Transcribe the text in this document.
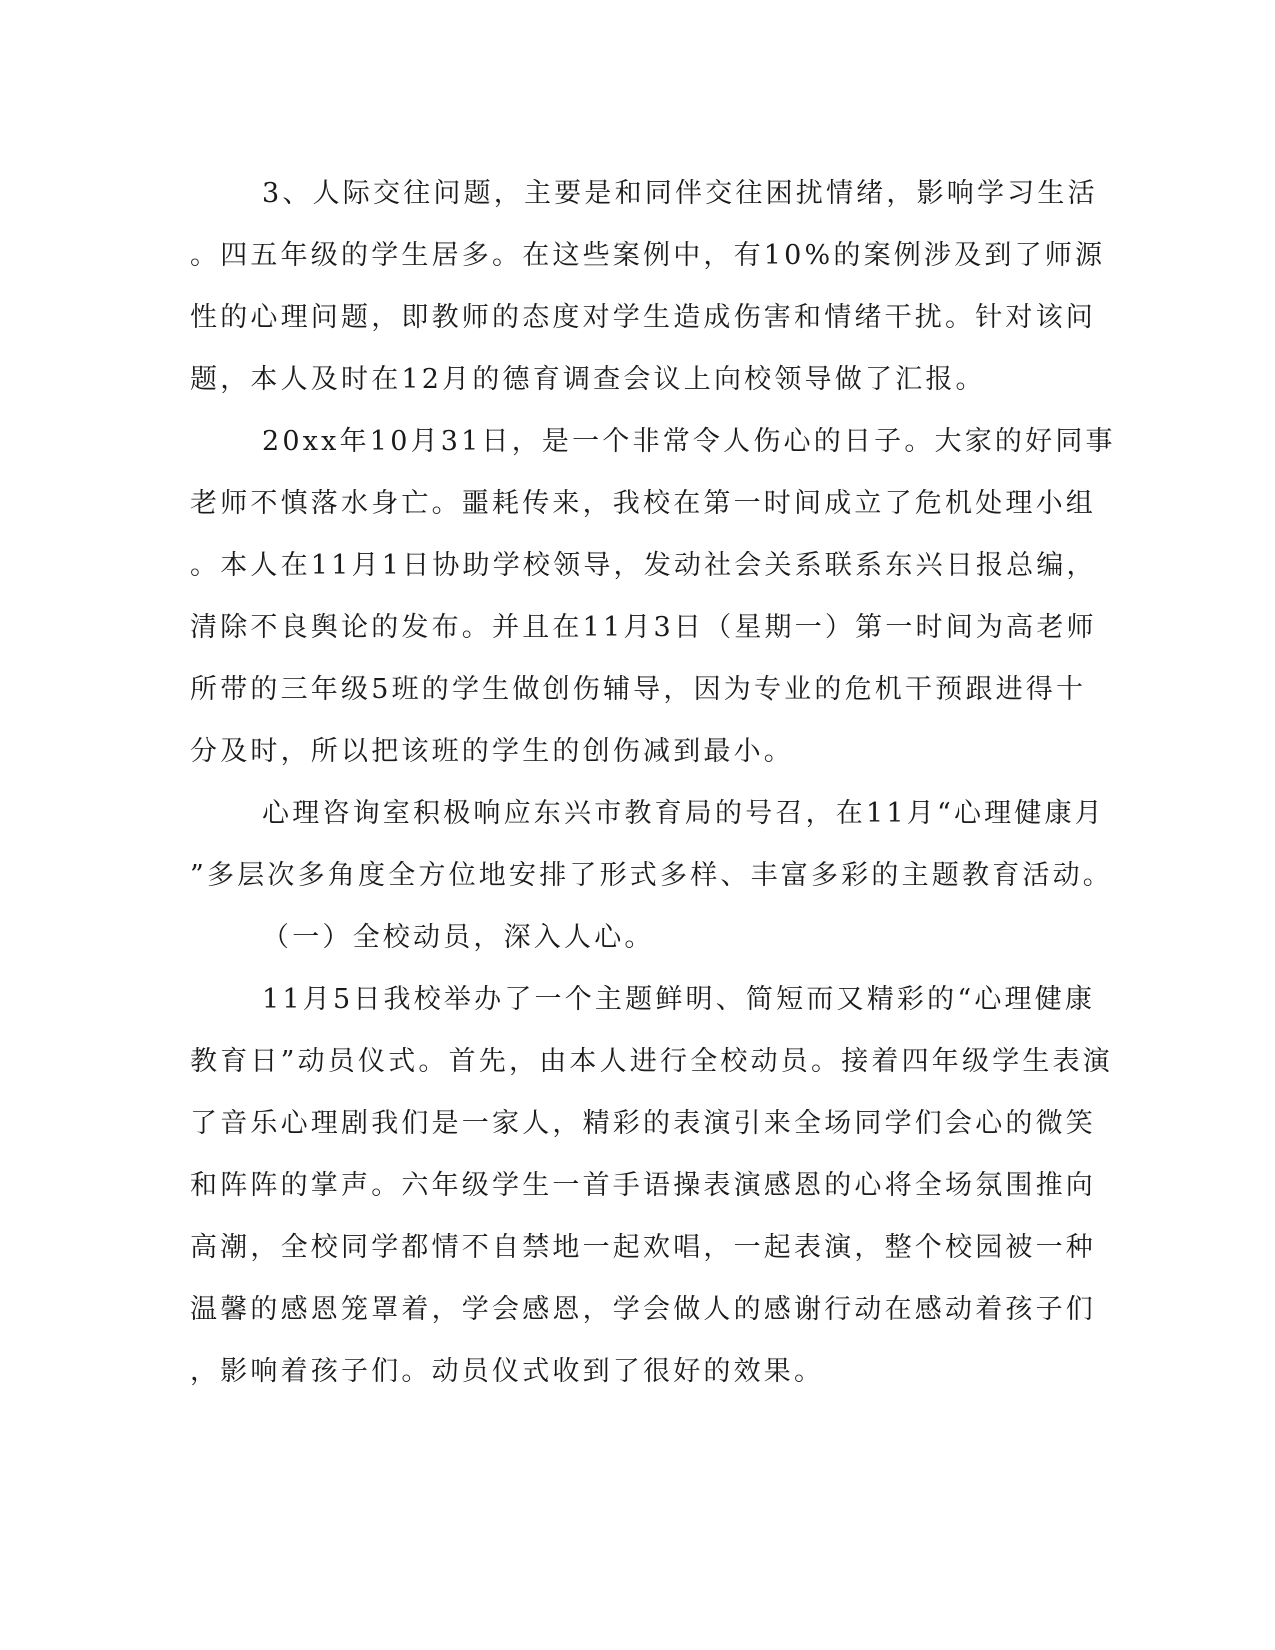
3、人际交往问题，主要是和同伴交往困扰情绪，影响学习生活
。四五年级的学生居多。在这些案例中，有10%的案例涉及到了师源
性的心理问题，即教师的态度对学生造成伤害和情绪干扰。针对该问
题，本人及时在12月的德育调查会议上向校领导做了汇报。
20xx年10月31日，是一个非常令人伤心的日子。大家的好同事
老师不慎落水身亡。噩耗传来，我校在第一时间成立了危机处理小组
。本人在11月1日协助学校领导，发动社会关系联系东兴日报总编，
清除不良舆论的发布。并且在11月3日（星期一）第一时间为高老师
所带的三年级5班的学生做创伤辅导，因为专业的危机干预跟进得十
分及时，所以把该班的学生的创伤减到最小。
心理咨询室积极响应东兴市教育局的号召，在11月“心理健康月
”多层次多角度全方位地安排了形式多样、丰富多彩的主题教育活动。
（一）全校动员，深入人心。
11月5日我校举办了一个主题鲜明、简短而又精彩的“心理健康
教育日”动员仪式。首先，由本人进行全校动员。接着四年级学生表演
了音乐心理剧我们是一家人，精彩的表演引来全场同学们会心的微笑
和阵阵的掌声。六年级学生一首手语操表演感恩的心将全场氛围推向
高潮，全校同学都情不自禁地一起欢唱，一起表演，整个校园被一种
温馨的感恩笼罩着，学会感恩，学会做人的感谢行动在感动着孩子们
，影响着孩子们。动员仪式收到了很好的效果。
